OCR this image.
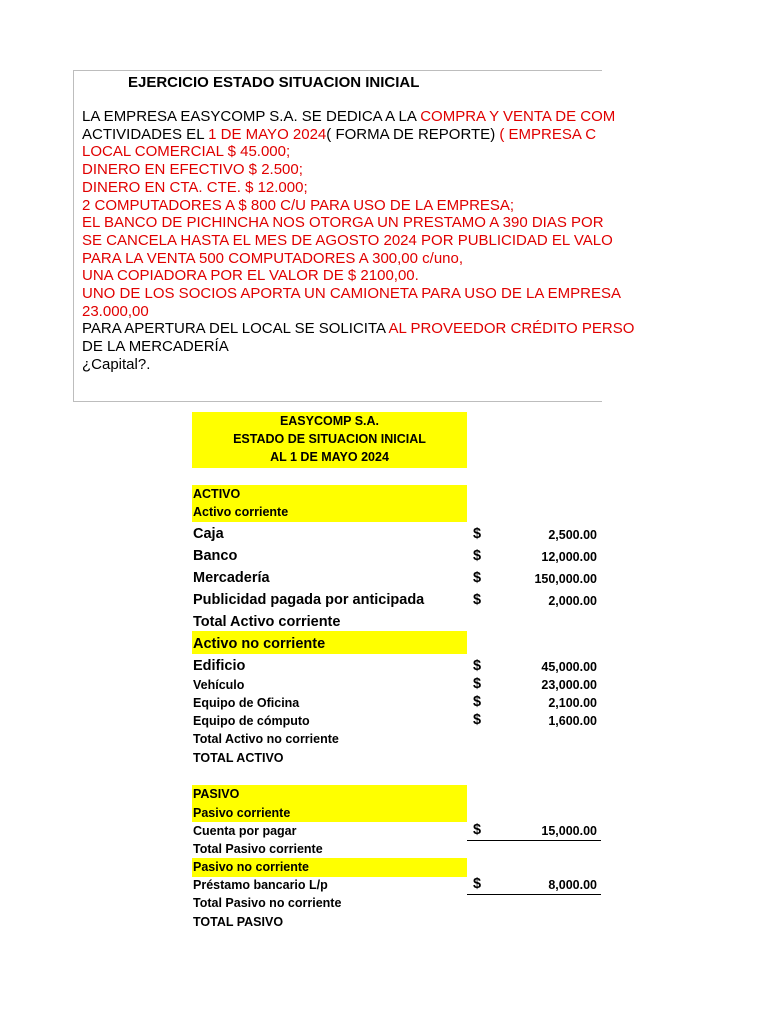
EJERCICIO ESTADO SITUACION INICIAL
LA EMPRESA EASYCOMP S.A. SE DEDICA A LA COMPRA Y VENTA DE COM
ACTIVIDADES EL 1 DE MAYO 2024( FORMA DE REPORTE) ( EMPRESA C
LOCAL COMERCIAL $ 45.000;
DINERO EN EFECTIVO $ 2.500;
DINERO EN CTA. CTE. $ 12.000;
2 COMPUTADORES A $ 800 C/U PARA USO DE LA EMPRESA;
EL BANCO DE PICHINCHA NOS OTORGA UN PRESTAMO A 390 DIAS POR
SE CANCELA HASTA EL MES DE AGOSTO 2024 POR PUBLICIDAD EL VALO
PARA LA VENTA 500 COMPUTADORES A 300,00 c/uno,
UNA COPIADORA POR EL VALOR DE $ 2100,00.
UNO DE LOS SOCIOS APORTA UN CAMIONETA PARA USO DE LA EMPRESA
23.000,00
PARA APERTURA DEL LOCAL SE SOLICITA AL PROVEEDOR CRÉDITO PERSO
DE LA MERCADERÍA
¿Capital?.
EASYCOMP S.A.
ESTADO DE SITUACION INICIAL
AL 1 DE MAYO 2024
ACTIVO
Activo corriente
Caja	$	2,500.00
Banco	$	12,000.00
Mercadería	$	150,000.00
Publicidad pagada por anticipada	$	2,000.00
Total Activo corriente
Activo no corriente
Edificio	$	45,000.00
Vehículo	$	23,000.00
Equipo de Oficina	$	2,100.00
Equipo de cómputo	$	1,600.00
Total Activo no corriente
TOTAL ACTIVO
PASIVO
Pasivo corriente
Cuenta por pagar	$	15,000.00
Total Pasivo corriente
Pasivo no corriente
Préstamo bancario L/p	$	8,000.00
Total Pasivo no corriente
TOTAL PASIVO
